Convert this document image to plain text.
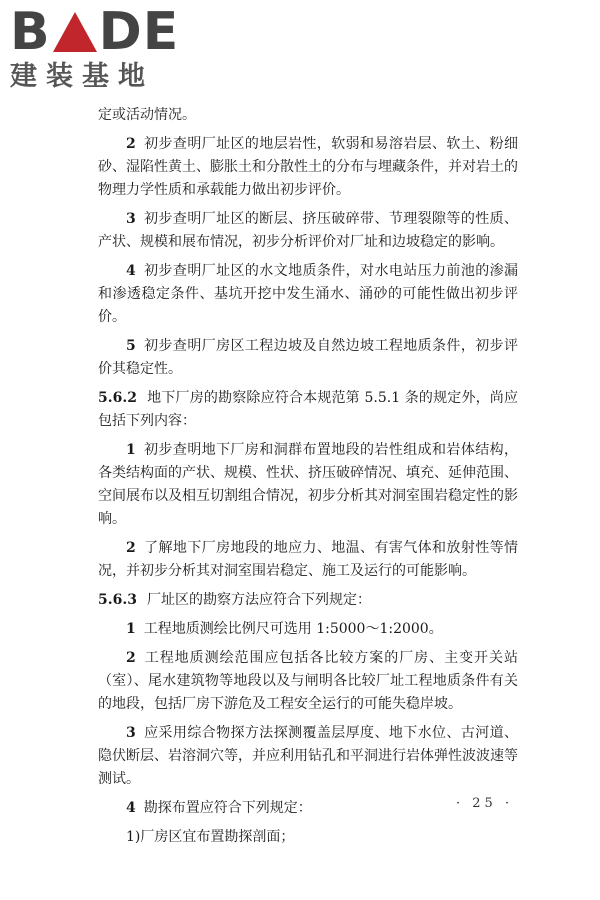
B DE
建装基地

定或活动情况。

2 初步查明厂址区的地层岩性，软弱和易溶岩层、软土、粉细砂、湿陷性黄土、膨胀土和分散性土的分布与埋藏条件，并对岩土的物理力学性质和承载能力做出初步评价。

3 初步查明厂址区的断层、挤压破碎带、节理裂隙等的性质、产状、规模和展布情况，初步分析评价对厂址和边坡稳定的影响。

4 初步查明厂址区的水文地质条件，对水电站压力前池的渗漏和渗透稳定条件、基坑开挖中发生涌水、涌砂的可能性做出初步评价。

5 初步查明厂房区工程边坡及自然边坡工程地质条件，初步评价其稳定性。

5.6.2 地下厂房的勘察除应符合本规范第 5.5.1 条的规定外，尚应包括下列内容：

1 初步查明地下厂房和洞群布置地段的岩性组成和岩体结构，各类结构面的产状、规模、性状、挤压破碎情况、填充、延伸范围、空间展布以及相互切割组合情况，初步分析其对洞室围岩稳定性的影响。

2 了解地下厂房地段的地应力、地温、有害气体和放射性等情况，并初步分析其对洞室围岩稳定、施工及运行的可能影响。

5.6.3 厂址区的勘察方法应符合下列规定：

1 工程地质测绘比例尺可选用 1:5000～1:2000。

2 工程地质测绘范围应包括各比较方案的厂房、主变开关站（室）、尾水建筑物等地段以及与闸明各比较厂址工程地质条件有关的地段，包括厂房下游危及工程安全运行的可能失稳岸坡。

3 应采用综合物探方法探测覆盖层厚度、地下水位、古河道、隐伏断层、岩溶洞穴等，并应利用钻孔和平洞进行岩体弹性波波速等测试。

4 勘探布置应符合下列规定：

1)厂房区宜布置勘探剖面；

· 25 ·
